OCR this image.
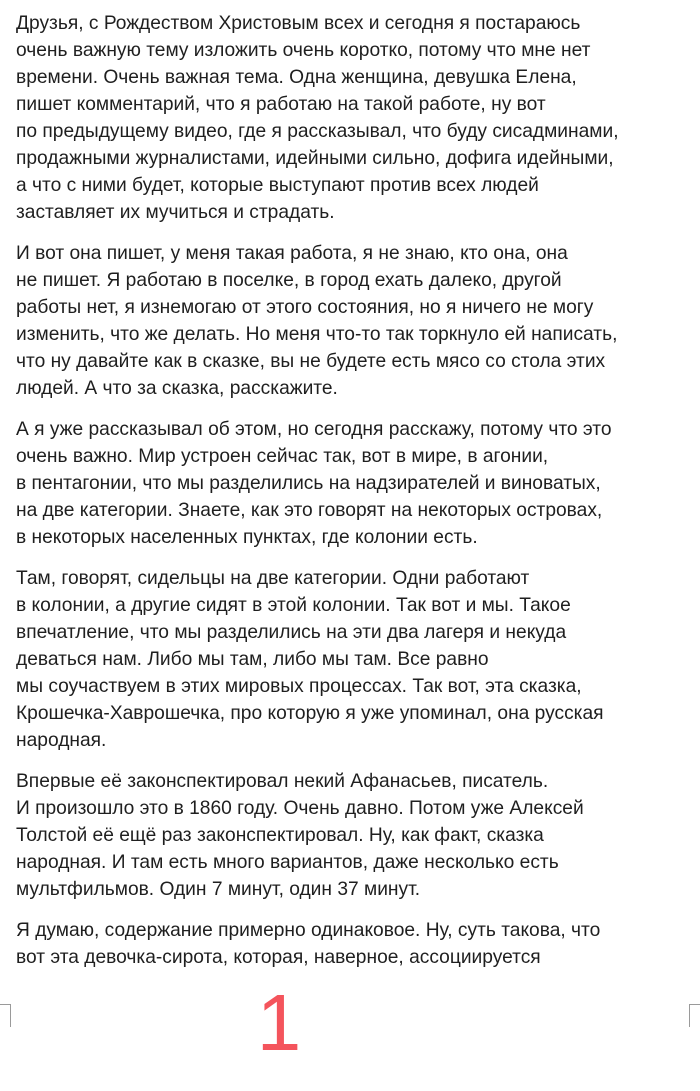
Друзья, с Рождеством Христовым всех и сегодня я постараюсь
очень важную тему изложить очень коротко, потому что мне нет
времени. Очень важная тема. Одна женщина, девушка Елена,
пишет комментарий, что я работаю на такой работе, ну вот
по предыдущему видео, где я рассказывал, что буду сисадминами,
продажными журналистами, идейными сильно, дофига идейными,
а что с ними будет, которые выступают против всех людей
заставляет их мучиться и страдать.

И вот она пишет, у меня такая работа, я не знаю, кто она, она
не пишет. Я работаю в поселке, в город ехать далеко, другой
работы нет, я изнемогаю от этого состояния, но я ничего не могу
изменить, что же делать. Но меня что-то так торкнуло ей написать,
что ну давайте как в сказке, вы не будете есть мясо со стола этих
людей. А что за сказка, расскажите.

А я уже рассказывал об этом, но сегодня расскажу, потому что это
очень важно. Мир устроен сейчас так, вот в мире, в агонии,
в пентагонии, что мы разделились на надзирателей и виноватых,
на две категории. Знаете, как это говорят на некоторых островах,
в некоторых населенных пунктах, где колонии есть.

Там, говорят, сидельцы на две категории. Одни работают
в колонии, а другие сидят в этой колонии. Так вот и мы. Такое
впечатление, что мы разделились на эти два лагеря и некуда
деваться нам. Либо мы там, либо мы там. Все равно
мы соучаствуем в этих мировых процессах. Так вот, эта сказка,
Крошечка-Хаврошечка, про которую я уже упоминал, она русская
народная.

Впервые её законспектировал некий Афанасьев, писатель.
И произошло это в 1860 году. Очень давно. Потом уже Алексей
Толстой её ещё раз законспектировал. Ну, как факт, сказка
народная. И там есть много вариантов, даже несколько есть
мультфильмов. Один 7 минут, один 37 минут.

Я думаю, содержание примерно одинаковое. Ну, суть такова, что
вот эта девочка-сирота, которая, наверное, ассоциируется

1
